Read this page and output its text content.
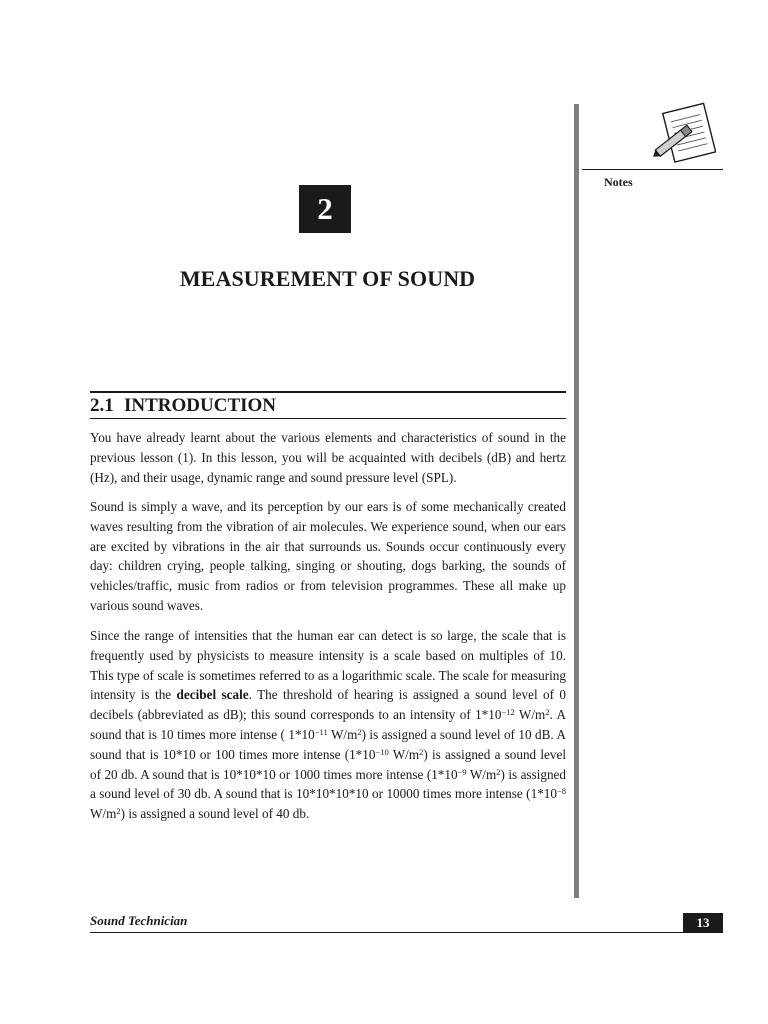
Notes
2
MEASUREMENT OF SOUND
2.1 INTRODUCTION

You have already learnt about the various elements and characteristics of sound in the previous lesson (1). In this lesson, you will be acquainted with decibels (dB) and hertz (Hz), and their usage, dynamic range and sound pressure level (SPL).

Sound is simply a wave, and its perception by our ears is of some mechanically created waves resulting from the vibration of air molecules. We experience sound, when our ears are excited by vibrations in the air that surrounds us. Sounds occur continuously every day: children crying, people talking, singing or shouting, dogs barking, the sounds of vehicles/traffic, music from radios or from television programmes. These all make up various sound waves.

Since the range of intensities that the human ear can detect is so large, the scale that is frequently used by physicists to measure intensity is a scale based on multiples of 10. This type of scale is sometimes referred to as a logarithmic scale. The scale for measuring intensity is the decibel scale. The threshold of hearing is assigned a sound level of 0 decibels (abbreviated as dB); this sound corresponds to an intensity of $1*10^{-12}$ $W/m^2$. A sound that is 10 times more intense ( $1*10^{-11}$ $W/m^2$) is assigned a sound level of 10 dB. A sound that is 10*10 or 100 times more intense ($1*10^{-10}$ $W/m^2$) is assigned a sound level of 20 db. A sound that is 10*10*10 or 1000 times more intense ($1*10^{-9}$ $W/m^2$) is assigned a sound level of 30 db. A sound that is 10*10*10*10 or 10000 times more intense ($1*10^{-8}$ $W/m^2$) is assigned a sound level of 40 db.

Sound Technician	13
